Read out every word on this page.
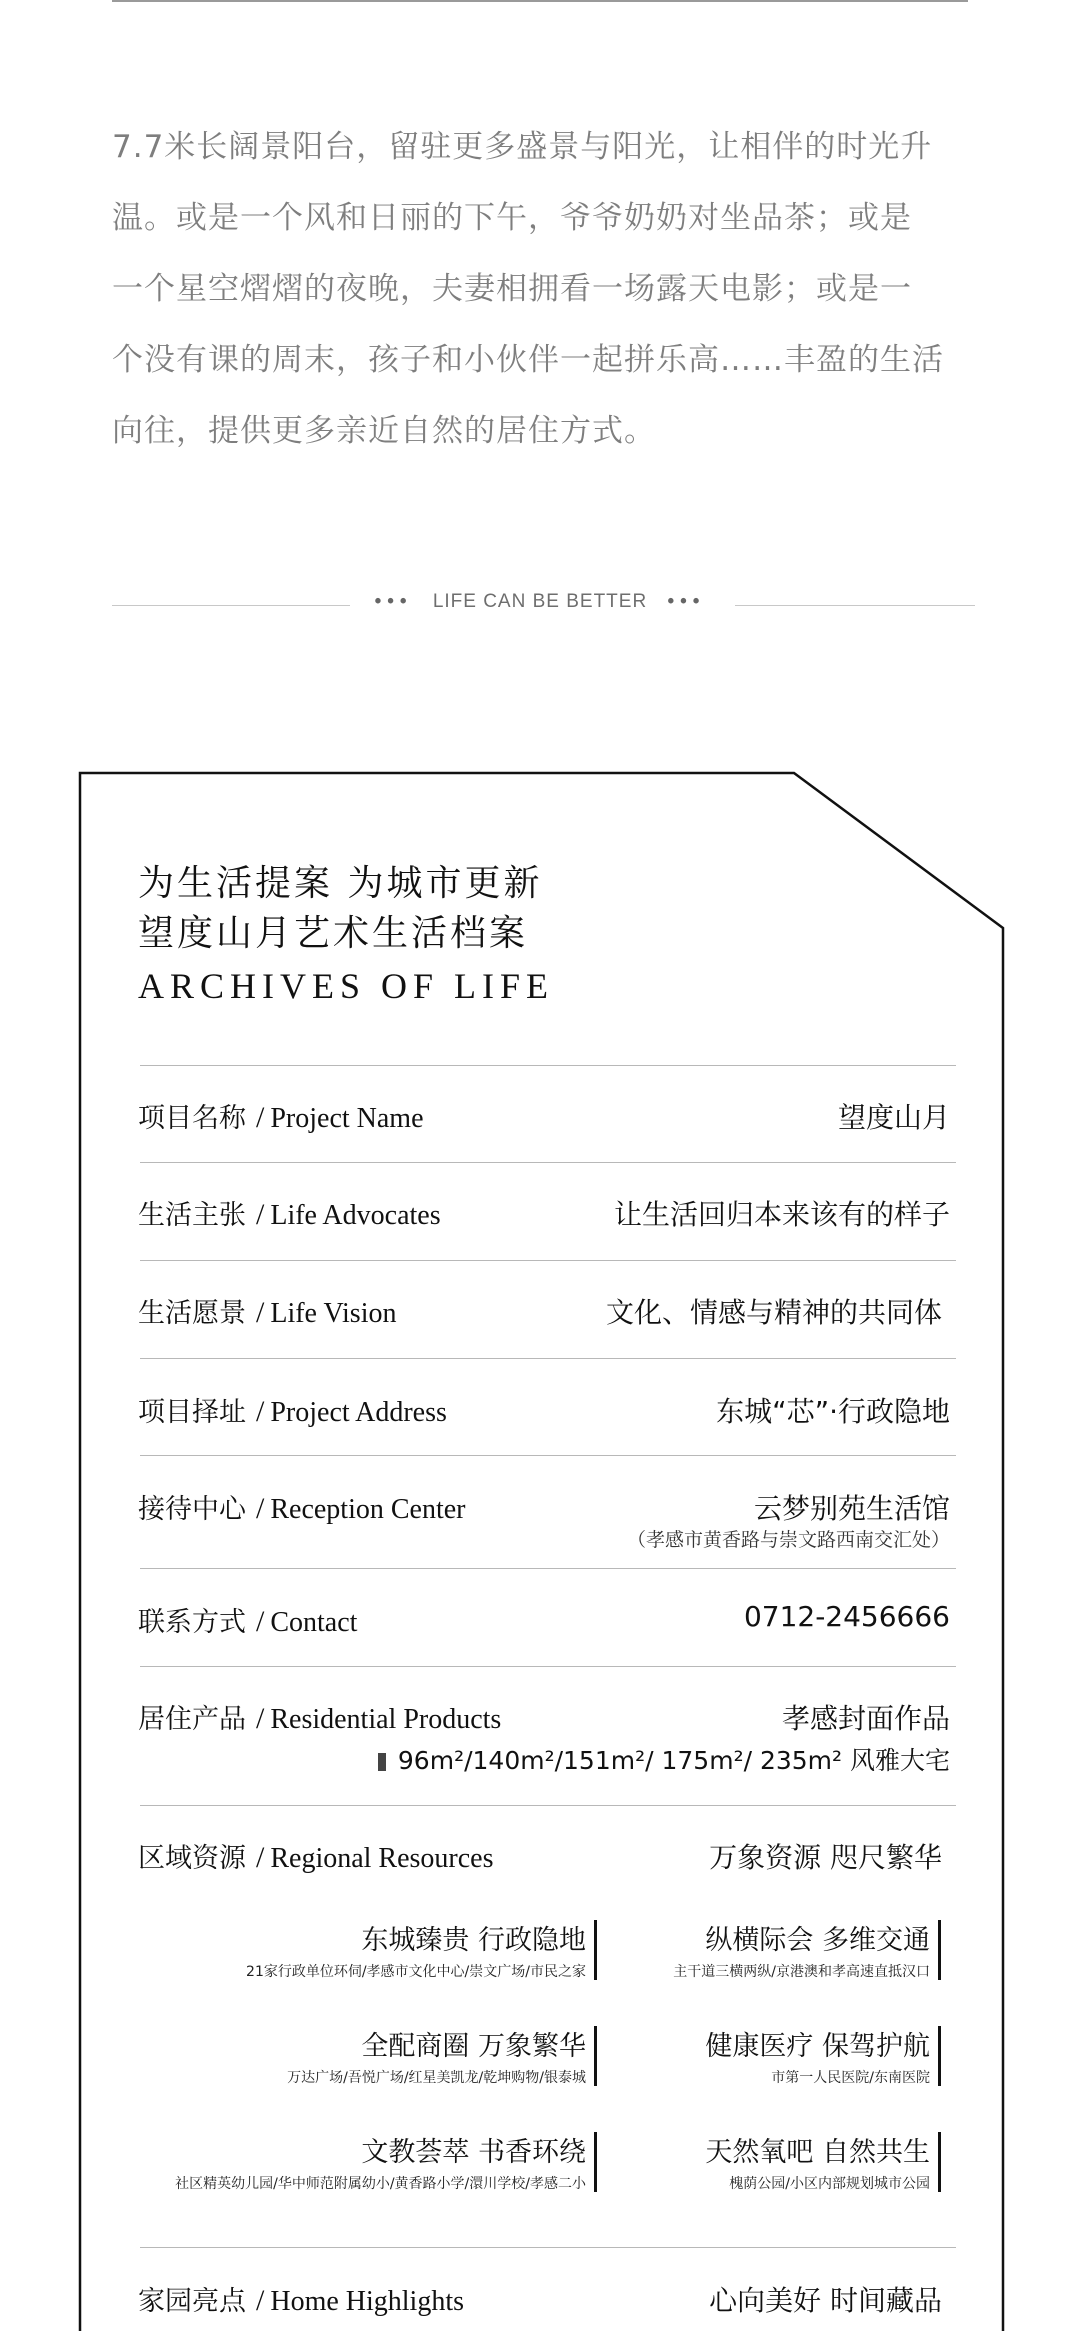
7.7米长阔景阳台，留驻更多盛景与阳光，让相伴的时光升
温。或是一个风和日丽的下午，爷爷奶奶对坐品茶；或是
一个星空熠熠的夜晚，夫妻相拥看一场露天电影；或是一
个没有课的周末，孩子和小伙伴一起拼乐高……丰盈的生活
向往，提供更多亲近自然的居住方式。

••• LIFE CAN BE BETTER •••
为生活提案 为城市更新
望度山月艺术生活档案
ARCHIVES OF LIFE
项目名称 / Project Name	望度山月
生活主张 / Life Advocates	让生活回归本来该有的样子
生活愿景 / Life Vision	文化、情感与精神的共同体
项目择址 / Project Address	东城“芯”·行政隐地
接待中心 / Reception Center	云梦别苑生活馆
（孝感市黄香路与崇文路西南交汇处）
联系方式 / Contact	0712-2456666
居住产品 / Residential Products	孝感封面作品
96m²/140m²/151m²/ 175m²/ 235m² 风雅大宅
区域资源 / Regional Resources	万象资源 咫尺繁华
东城臻贵 行政隐地
21家行政单位环伺/孝感市文化中心/崇文广场/市民之家
纵横际会 多维交通
主干道三横两纵/京港澳和孝高速直抵汉口
全配商圈 万象繁华
万达广场/吾悦广场/红星美凯龙/乾坤购物/银泰城
健康医疗 保驾护航
市第一人民医院/东南医院
文教荟萃 书香环绕
社区精英幼儿园/华中师范附属幼小/黄香路小学/澴川学校/孝感二小
天然氧吧 自然共生
槐荫公园/小区内部规划城市公园
家园亮点 / Home Highlights	心向美好 时间藏品
